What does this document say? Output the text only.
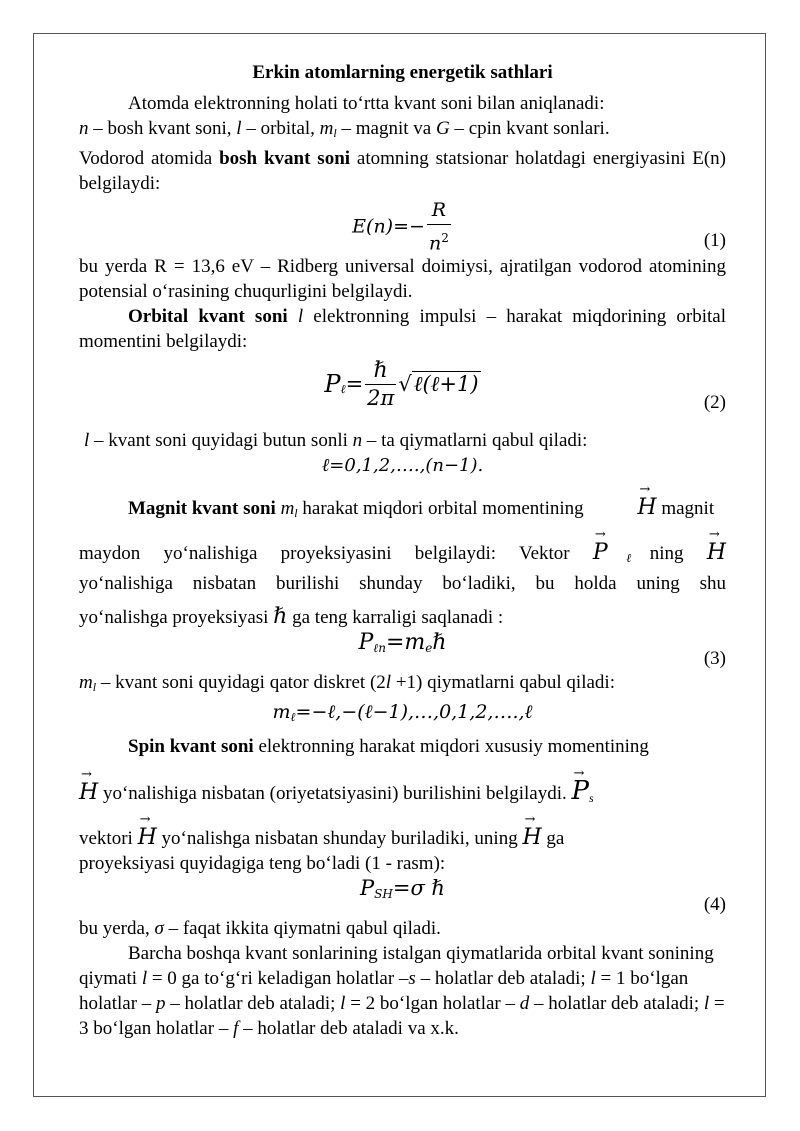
Erkin atomlarning energetik sathlari

Atomda elektronning holati to‘rtta kvant soni bilan aniqlanadi:

n – bosh kvant soni, l – orbital, $m_l$ – magnit va G – cpin kvant sonlari.

Vodorod atomida bosh kvant soni atomning statsionar holatdagi energiyasini E(n) belgilaydi:

$E(n)=- \frac{R}{n^2}$	(1)

bu yerda R = 13,6 eV – Ridberg universal doimiysi, ajratilgan vodorod atomining potensial o‘rasining chuqurligini belgilaydi.

Orbital kvant soni l elektronning impulsi – harakat miqdorining orbital momentini belgilaydi:

$P_\ell= \frac{\text{ℏ}}{2\pi}$ √ℓ(ℓ+1)
(2)

l – kvant soni quyidagi butun sonli n – ta qiymatlarni qabul qiladi:

ℓ=0,1,2,….,(n−1).

Magnit kvant soni $m_l$ harakat miqdori orbital momentining → H magnit

maydon yo‘nalishiga proyeksiyasini belgilaydi: Vektor → $P_\ell ning \to H$

yo‘nalishiga nisbatan burilishi shunday bo‘ladiki, bu holda uning shu

yo‘nalishga proyeksiyasi ℏ ga teng karraligi saqlanadi :

$P_{\ell n}=m_e\hbar$
(3)

$m_l$ – kvant soni quyidagi qator diskret (2l +1) qiymatlarni qabul qiladi:

$m_\ell=-\ell,-(\ell-1),\dots,0,1,2,\dots.,\ell$

Spin kvant soni elektronning harakat miqdori xususiy momentining

→ H yo‘nalishiga nisbatan (oriyetatsiyasini) burilishini belgilaydi. → $P_s$

vektori → H yo‘nalishga nisbatan shunday buriladiki, uning → H ga

proyeksiyasi quyidagiga teng bo‘ladi (1 - rasm):

$P_{SH}=\sigma$ ℏ
(4)

bu yerda, σ – faqat ikkita qiymatni qabul qiladi.

Barcha boshqa kvant sonlarining istalgan qiymatlarida orbital kvant sonining qiymati l = 0 ga to‘g‘ri keladigan holatlar –s – holatlar deb ataladi; l = 1 bo‘lgan holatlar – p – holatlar deb ataladi; l = 2 bo‘lgan holatlar – d – holatlar deb ataladi; l = 3 bo‘lgan holatlar – f – holatlar deb ataladi va x.k.
